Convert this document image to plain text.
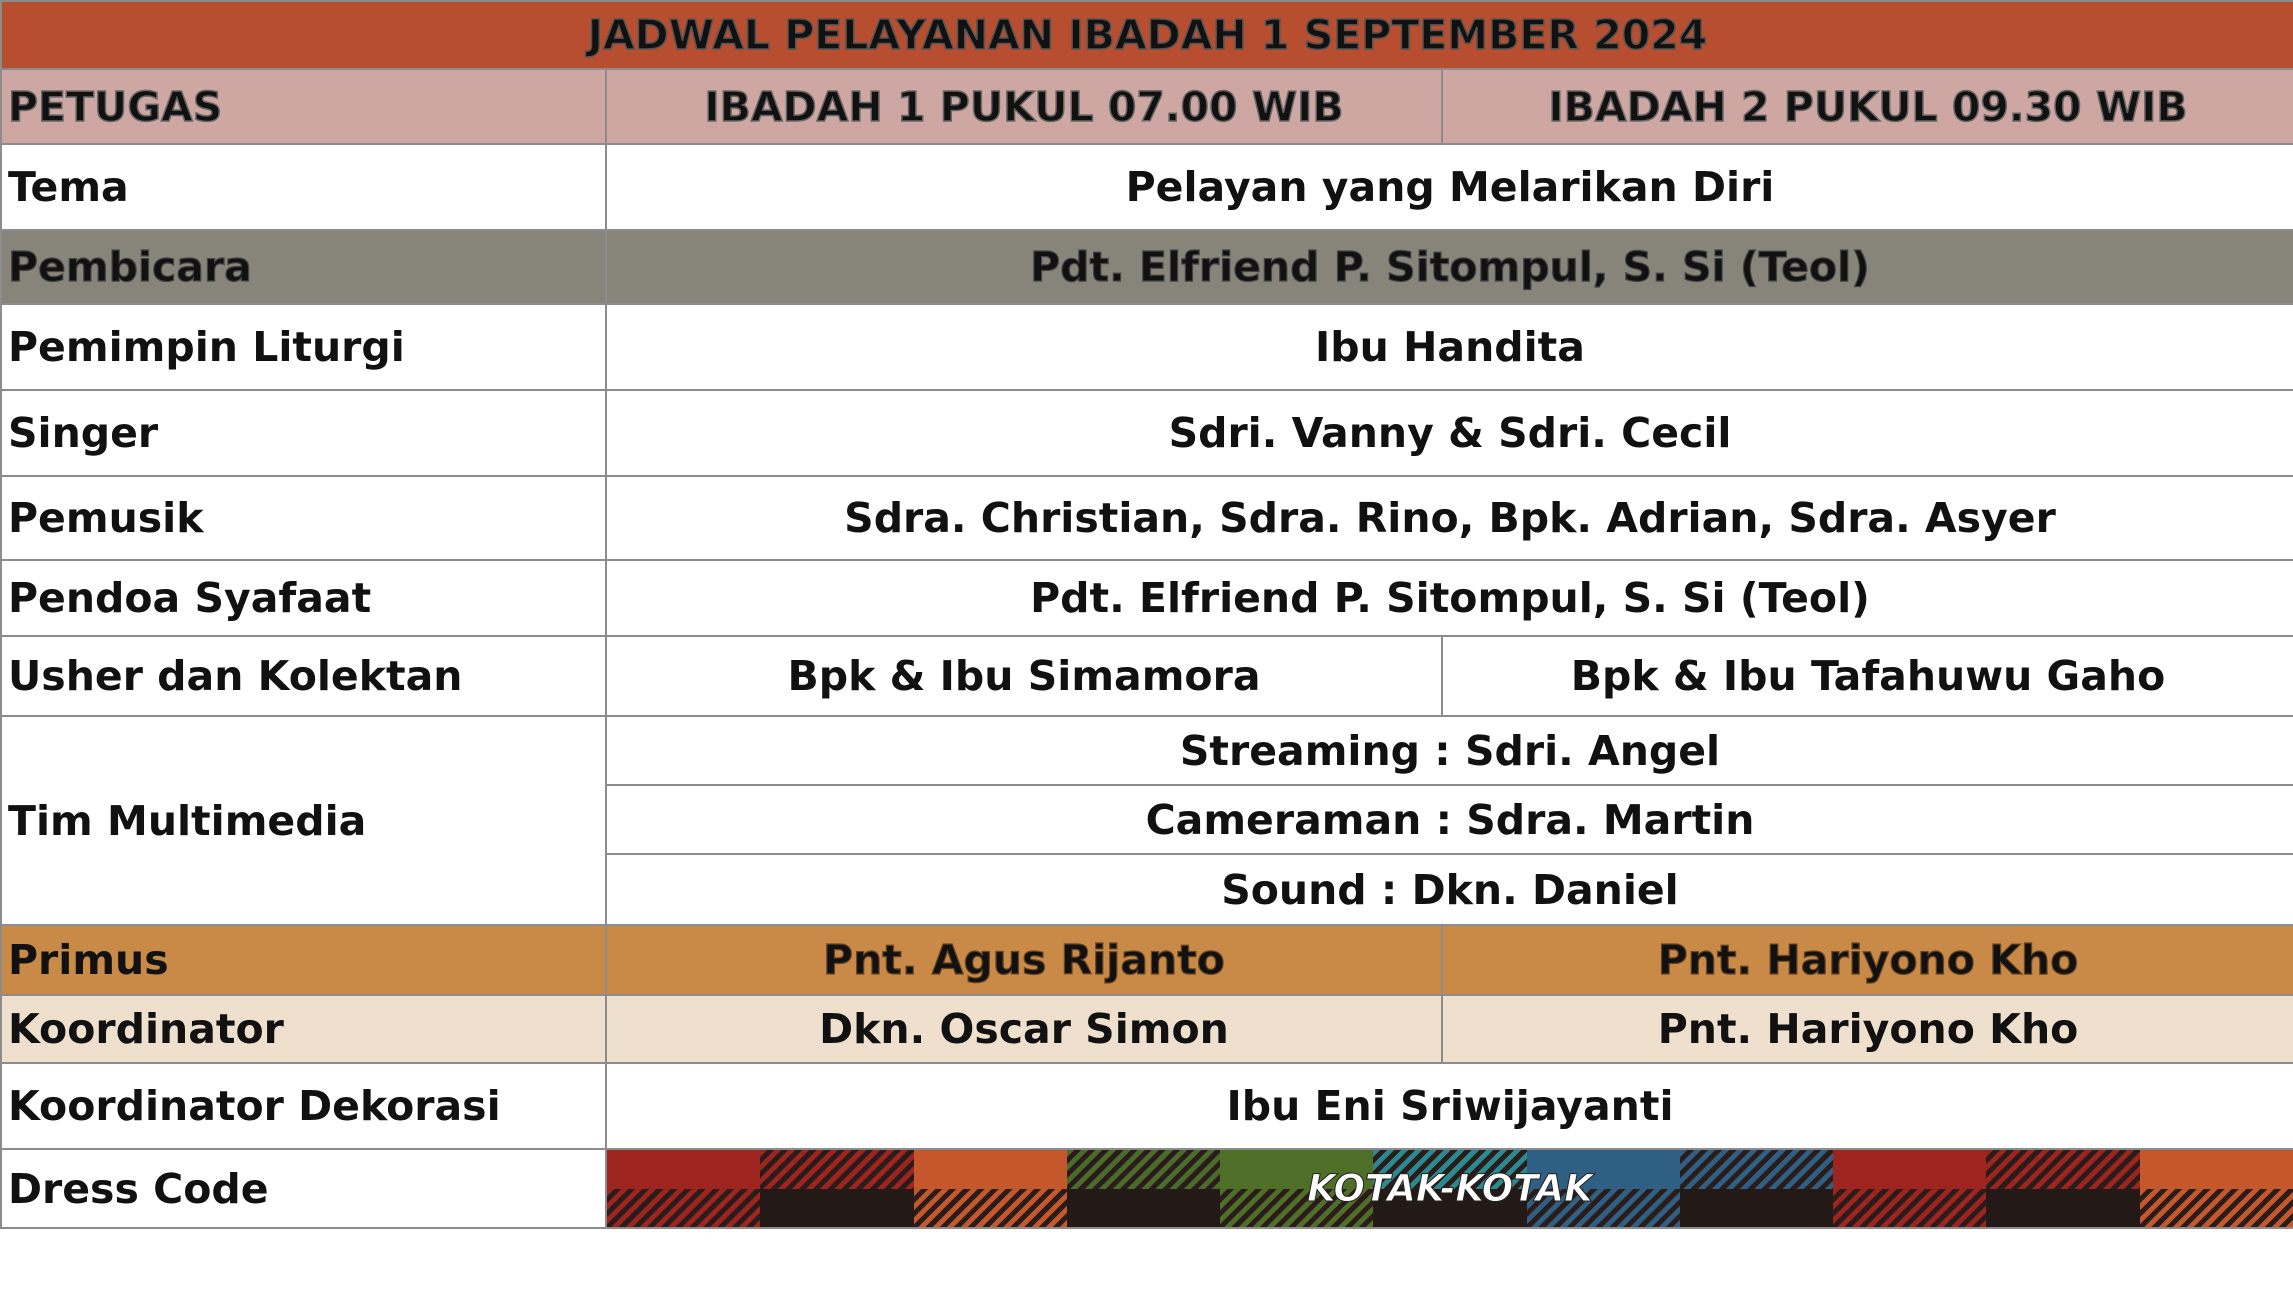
JADWAL PELAYANAN IBADAH 1 SEPTEMBER 2024		
PETUGAS	IBADAH 1 PUKUL 07.00 WIB	IBADAH 2 PUKUL 09.30 WIB
Tema	Pelayan yang Melarikan Diri	
Pembicara	Pdt. Elfriend P. Sitompul, S. Si (Teol)	
Pemimpin Liturgi	Ibu Handita	
Singer	Sdri. Vanny & Sdri. Cecil	
Pemusik	Sdra. Christian, Sdra. Rino, Bpk. Adrian, Sdra. Asyer	
Pendoa Syafaat	Pdt. Elfriend P. Sitompul, S. Si (Teol)	
Usher dan Kolektan	Bpk & Ibu Simamora	Bpk & Ibu Tafahuwu Gaho
Tim Multimedia	Streaming : Sdri. Angel	
	Cameraman : Sdra. Martin	
	Sound : Dkn. Daniel	
Primus	Pnt. Agus Rijanto	Pnt. Hariyono Kho
Koordinator	Dkn. Oscar Simon	Pnt. Hariyono Kho
Koordinator Dekorasi	Ibu Eni Sriwijayanti	
Dress Code	KOTAK-KOTAK	
